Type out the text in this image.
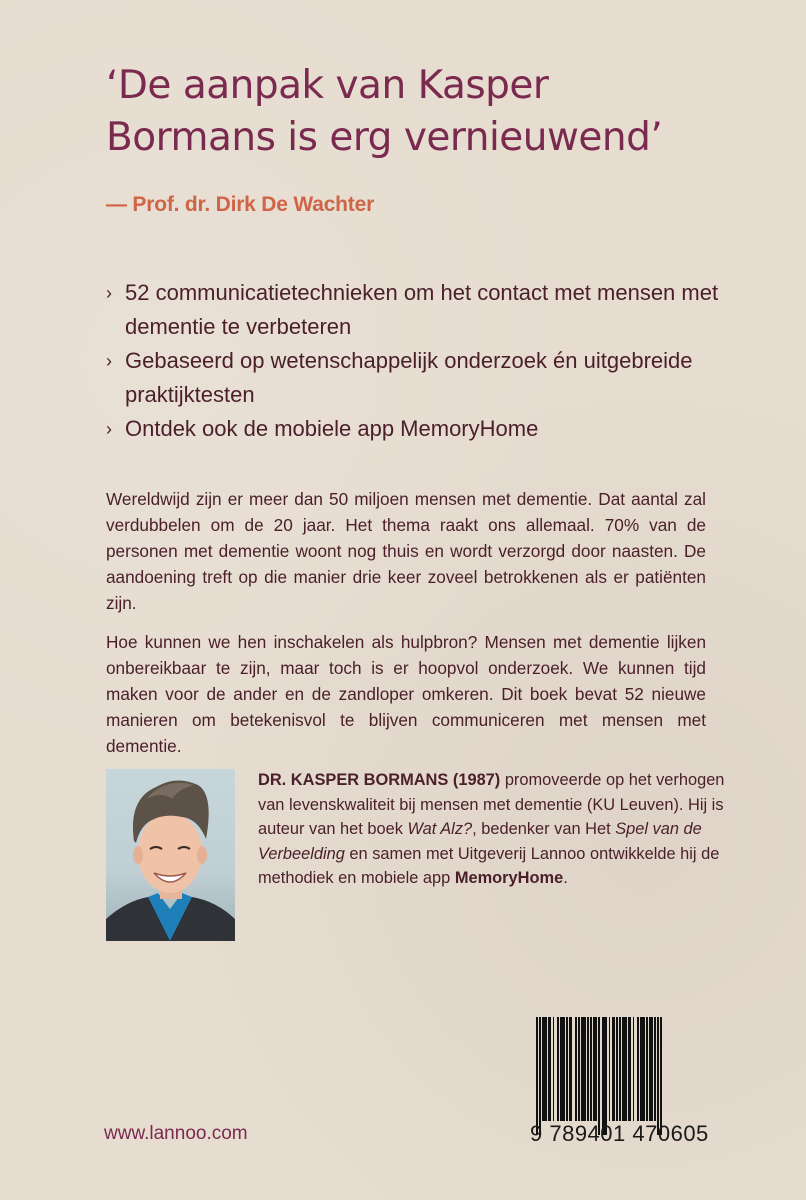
‘De aanpak van Kasper
Bormans is erg vernieuwend’
— Prof. dr. Dirk De Wachter
› 52 communicatietechnieken om het contact met mensen met dementie te verbeteren
› Gebaseerd op wetenschappelijk onderzoek én uitgebreide praktijktesten
› Ontdek ook de mobiele app MemoryHome

Wereldwijd zijn er meer dan 50 miljoen mensen met dementie. Dat aantal zal verdubbelen om de 20 jaar. Het thema raakt ons allemaal. 70% van de personen met dementie woont nog thuis en wordt verzorgd door naasten. De aandoening treft op die manier drie keer zoveel betrokkenen als er patiënten zijn.

Hoe kunnen we hen inschakelen als hulpbron? Mensen met dementie lijken onbereikbaar te zijn, maar toch is er hoopvol onderzoek. We kunnen tijd maken voor de ander en de zandloper omkeren. Dit boek bevat 52 nieuwe manieren om betekenisvol te blijven communiceren met mensen met dementie.

DR. KASPER BORMANS (1987) promoveerde op het verhogen van levenskwaliteit bij mensen met dementie (KU Leuven). Hij is auteur van het boek Wat Alz?, bedenker van Het Spel van de Verbeelding en samen met Uitgeverij Lannoo ontwikkelde hij de methodiek en mobiele app MemoryHome.

www.lannoo.com	9 789401 470605
